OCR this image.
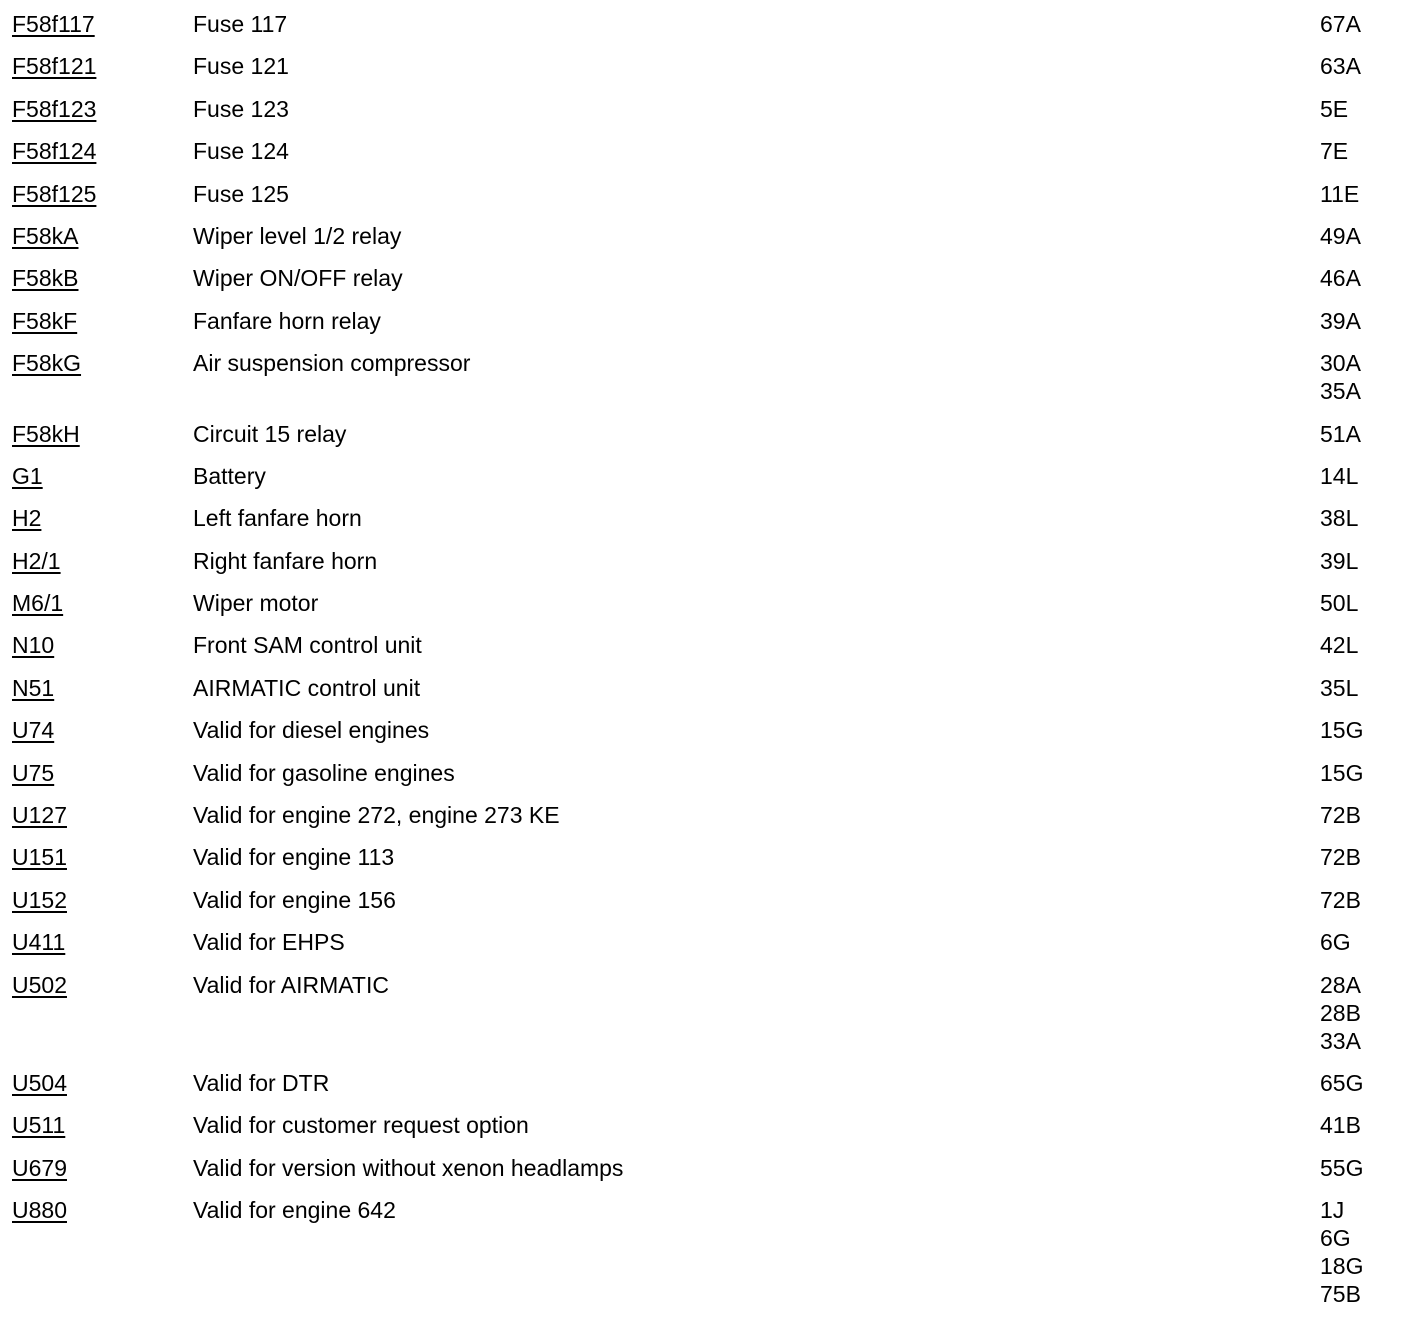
F58f117	Fuse 117	67A
F58f121	Fuse 121	63A
F58f123	Fuse 123	5E
F58f124	Fuse 124	7E
F58f125	Fuse 125	11E
F58kA	Wiper level 1/2 relay	49A
F58kB	Wiper ON/OFF relay	46A
F58kF	Fanfare horn relay	39A
F58kG	Air suspension compressor	30A
35A
F58kH	Circuit 15 relay	51A
G1	Battery	14L
H2	Left fanfare horn	38L
H2/1	Right fanfare horn	39L
M6/1	Wiper motor	50L
N10	Front SAM control unit	42L
N51	AIRMATIC control unit	35L
U74	Valid for diesel engines	15G
U75	Valid for gasoline engines	15G
U127	Valid for engine 272, engine 273 KE	72B
U151	Valid for engine 113	72B
U152	Valid for engine 156	72B
U411	Valid for EHPS	6G
U502	Valid for AIRMATIC	28A
28B
33A
U504	Valid for DTR	65G
U511	Valid for customer request option	41B
U679	Valid for version without xenon headlamps	55G
U880	Valid for engine 642	1J
6G
18G
75B
